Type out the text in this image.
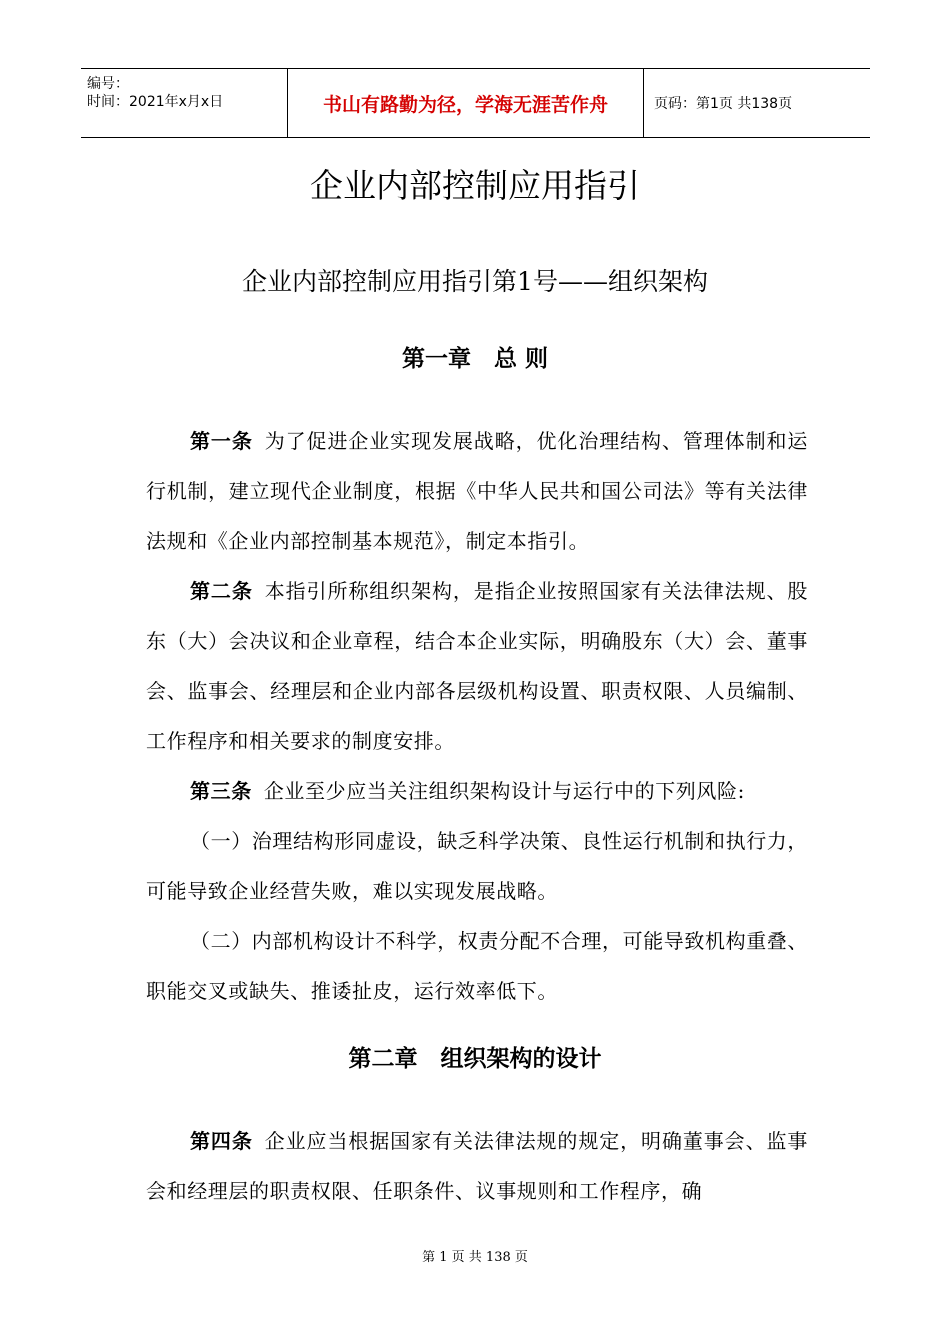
编号：
时间：2021年x月x日	书山有路勤为径，学海无涯苦作舟	页码：第1页 共138页
企业内部控制应用指引
企业内部控制应用指引第1号——组织架构
第一章　总 则
第一条 为了促进企业实现发展战略，优化治理结构、管理体制和运行机制，建立现代企业制度，根据《中华人民共和国公司法》等有关法律法规和《企业内部控制基本规范》，制定本指引。
第二条 本指引所称组织架构，是指企业按照国家有关法律法规、股东（大）会决议和企业章程，结合本企业实际，明确股东（大）会、董事会、监事会、经理层和企业内部各层级机构设置、职责权限、人员编制、工作程序和相关要求的制度安排。
第三条 企业至少应当关注组织架构设计与运行中的下列风险:
（一）治理结构形同虚设，缺乏科学决策、良性运行机制和执行力，可能导致企业经营失败，难以实现发展战略。
（二）内部机构设计不科学，权责分配不合理，可能导致机构重叠、职能交叉或缺失、推诿扯皮，运行效率低下。
第二章　组织架构的设计
第四条 企业应当根据国家有关法律法规的规定，明确董事会、监事会和经理层的职责权限、任职条件、议事规则和工作程序，确
第 1 页 共 138 页
